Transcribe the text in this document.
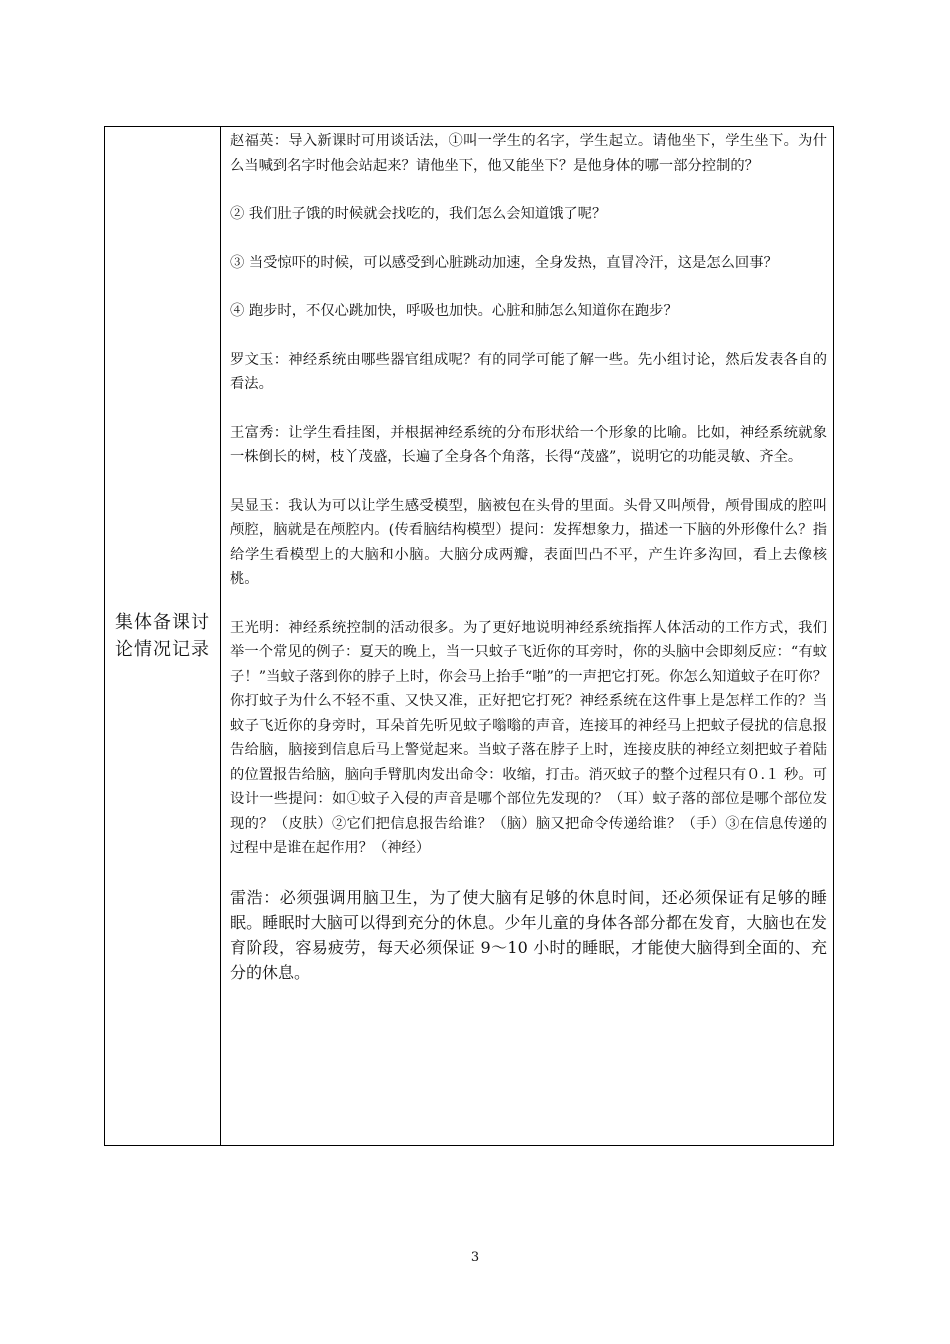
集体备课讨论情况记录

赵福英：导入新课时可用谈话法，①叫一学生的名字，学生起立。请他坐下，学生坐下。为什么当喊到名字时他会站起来？请他坐下，他又能坐下？是他身体的哪一部分控制的？

② 我们肚子饿的时候就会找吃的，我们怎么会知道饿了呢？

③ 当受惊吓的时候，可以感受到心脏跳动加速，全身发热，直冒冷汗，这是怎么回事？

④ 跑步时，不仅心跳加快，呼吸也加快。心脏和肺怎么知道你在跑步？

罗文玉：神经系统由哪些器官组成呢？有的同学可能了解一些。先小组讨论，然后发表各自的看法。

王富秀：让学生看挂图，并根据神经系统的分布形状给一个形象的比喻。比如，神经系统就象一株倒长的树，枝丫茂盛，长遍了全身各个角落，长得“茂盛”，说明它的功能灵敏、齐全。

吴显玉：我认为可以让学生感受模型，脑被包在头骨的里面。头骨又叫颅骨，颅骨围成的腔叫颅腔，脑就是在颅腔内。(传看脑结构模型）提问：发挥想象力，描述一下脑的外形像什么？指给学生看模型上的大脑和小脑。大脑分成两瓣，表面凹凸不平，产生许多沟回，看上去像核桃。

王光明：神经系统控制的活动很多。为了更好地说明神经系统指挥人体活动的工作方式，我们举一个常见的例子：夏天的晚上，当一只蚊子飞近你的耳旁时，你的头脑中会即刻反应：“有蚊子！”当蚊子落到你的脖子上时，你会马上抬手“啪”的一声把它打死。你怎么知道蚊子在叮你？你打蚊子为什么不轻不重、又快又准，正好把它打死？神经系统在这件事上是怎样工作的？当蚊子飞近你的身旁时，耳朵首先听见蚊子嗡嗡的声音，连接耳的神经马上把蚊子侵扰的信息报告给脑，脑接到信息后马上警觉起来。当蚊子落在脖子上时，连接皮肤的神经立刻把蚊子着陆的位置报告给脑，脑向手臂肌肉发出命令：收缩，打击。消灭蚊子的整个过程只有０.１ 秒。可设计一些提问：如①蚊子入侵的声音是哪个部位先发现的？（耳）蚊子落的部位是哪个部位发现的？（皮肤）②它们把信息报告给谁？（脑）脑又把命令传递给谁？（手）③在信息传递的过程中是谁在起作用？（神经）

雷浩：必须强调用脑卫生，为了使大脑有足够的休息时间，还必须保证有足够的睡眠。睡眠时大脑可以得到充分的休息。少年儿童的身体各部分都在发育，大脑也在发育阶段，容易疲劳，每天必须保证 9～10 小时的睡眠，才能使大脑得到全面的、充分的休息。

3
